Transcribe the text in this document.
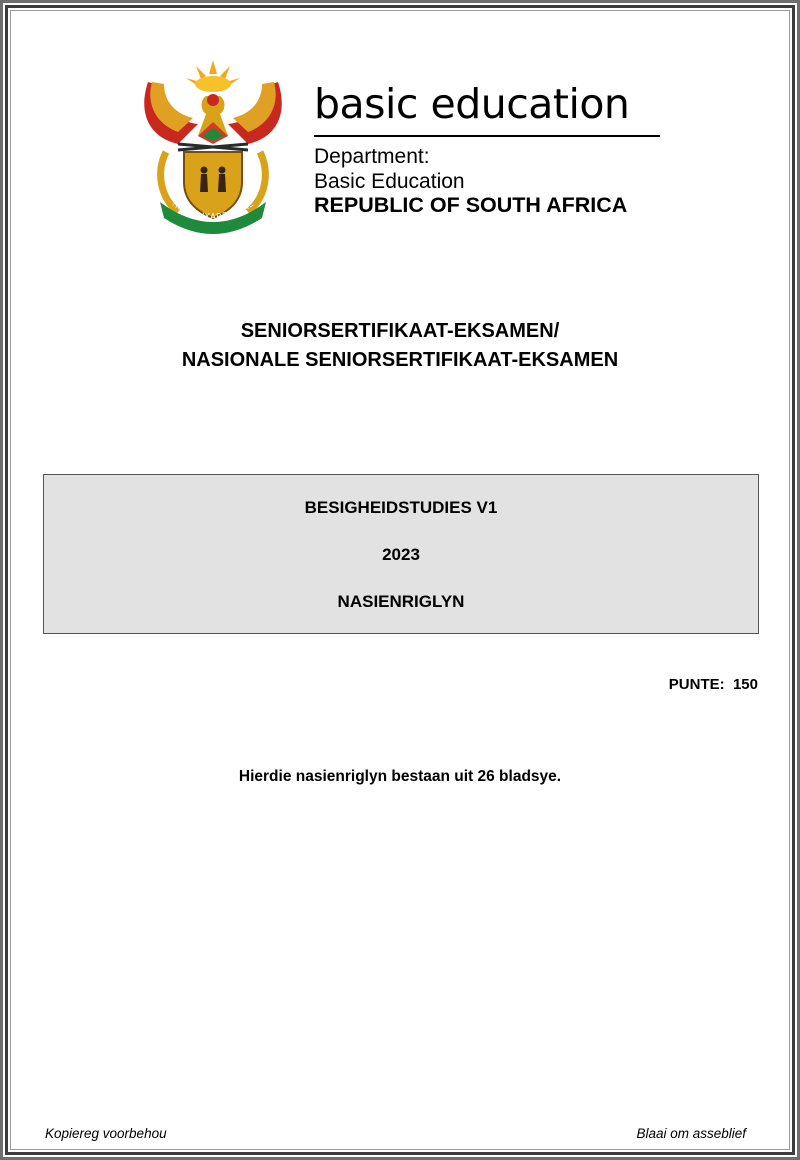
!KE E: /XARRA //KE
basic education
Department:
Basic Education
REPUBLIC OF SOUTH AFRICA
SENIORSERTIFIKAAT-EKSAMEN/
NASIONALE SENIORSERTIFIKAAT-EKSAMEN
BESIGHEIDSTUDIES V1
2023
NASIENRIGLYN
PUNTE:  150
Hierdie nasienriglyn bestaan uit 26 bladsye.
Kopiereg voorbehou	Blaai om asseblief
